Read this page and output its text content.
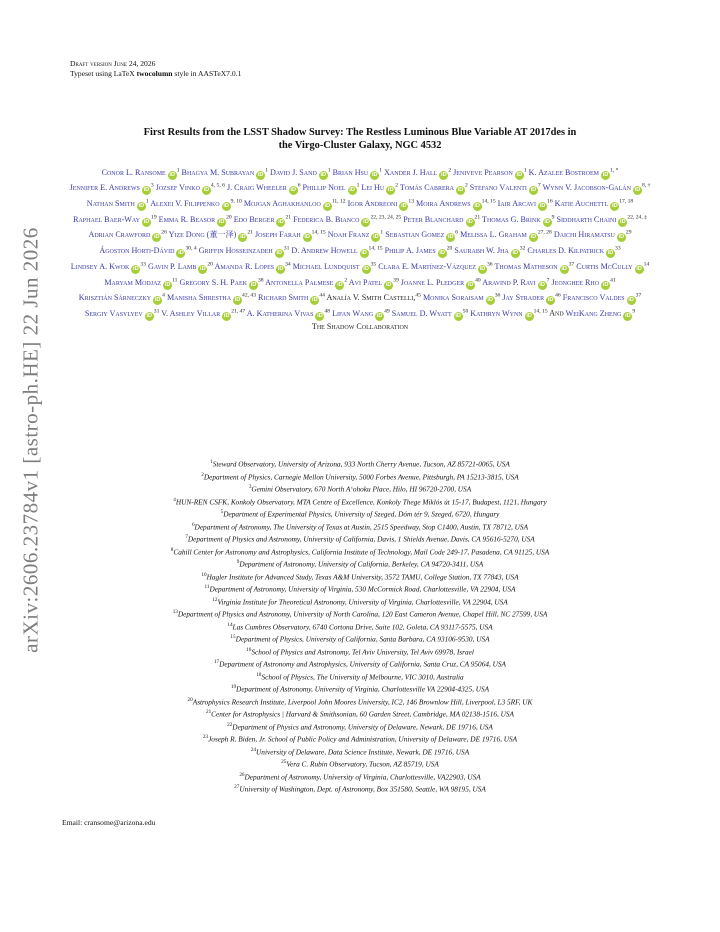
arXiv:2606.23784v1 [astro-ph.HE] 22 Jun 2026
Draft version June 24, 2026
Typeset using LaTeX twocolumn style in AASTeX7.0.1
First Results from the LSST Shadow Survey: The Restless Luminous Blue Variable AT 2017des in
the Virgo-Cluster Galaxy, NGC 4532
Conor L. Ransome $iD^1$ Bhagya M. Subrayan $iD^1$ David J. Sand $iD^1$ Brian Hsu $iD^1$ Xander J. Hall $iD^2$ Jeniveve Pearson $iD^1$ K. Azalee Bostroem $iD^{1, *}$ Jennifer E. Andrews $iD^3$ Jozsef Vinko iD$^{4, 5, 6}$ J. Craig Wheeler $iD^6$ Phillip Noel $iD^1$ Lei Hu $iD^2$ Tomás Cabrera $iD^2$ Stefano Valenti $iD^7$ Wynn V. Jacobson-Galán $iD^{8, \dagger}$ Nathan Smith $iD^1$ Alexei V. Filippenko iD$^{9, 10}$ Mojgan Aghakhanloo iD$^{11, 12}$ Igor Andreoni $iD^{13}$ Moira Andrews iD$^{14, 15}$ Iair Arcavi $iD^{16}$ Katie Auchettl iD$^{17, 18}$ Raphael Baer-Way $iD^{19}$ Emma R. Beasor $iD^{20}$ Edo Berger $iD^{21}$ Federica B. Bianco iD$^{22, 23, 24, 25}$ Peter Blanchard $iD^{21}$ Thomas G. Brink $iD^9$ Siddharth Chaini $iD^{22, 24, \ddagger}$ Adrian Crawford $iD^{26}$ Yize Dong (董一泽) $iD^{21}$ Joseph Farah iD$^{14, 15}$ Noah Franz $iD^1$ Sebastian Gomez $iD^6$ Melissa L. Graham iD$^{27, 28}$ Daichi Hiramatsu $iD^{29}$ Ágoston Horti-Dávid iD$^{30, 4}$ Griffin Hosseinzadeh $iD^{31}$ D. Andrew Howell iD$^{14, 15}$ Philip A. James $iD^{20}$ Saurabh W. Jha $iD^{32}$ Charles D. Kilpatrick $iD^{33}$ Lindsey A. Kwok $iD^{33}$ Gavin P. Lamb $iD^{20}$ Amanda R. Lopes $iD^{34}$ Michael Lundquist $iD^{35}$ Clara E. Martínez-Vázquez $iD^{36}$ Thomas Matheson $iD^{37}$ Curtis McCully $iD^{14}$ Maryam Modjaz $iD^{11}$ Gregory S. H. Paek $iD^{38}$ Antonella Palmese $iD^2$ Avi Patel $iD^{39}$ Joanne L. Pledger $iD^{40}$ Aravind P. Ravi $iD^7$ Jeonghee Rho $iD^{41}$ Krisztián Sárneczky $iD^4$ Manisha Shrestha iD$^{42, 43}$ Richard Smith $iD^{44}$ Analía V. Smith Castelli,$^{45}$ Monika Soraisam $iD^{36}$ Jay Strader $iD^{46}$ Francisco Valdes $iD^{37}$ Sergiy Vasylyev $iD^{31}$ V. Ashley Villar iD$^{21, 47}$ A. Katherina Vivas $iD^{48}$ Lifan Wang $iD^{49}$ Samuel D. Wyatt $iD^{50}$ Kathryn Wynn iD$^{14, 15}$ And WeiKang Zheng $iD^9$
The Shadow Collaboration
$^1$Steward Observatory, University of Arizona, 933 North Cherry Avenue, Tucson, AZ 85721-0065, USA
$^2$Department of Physics, Carnegie Mellon University, 5000 Forbes Avenue, Pittsburgh, PA 15213-3815, USA
$^3$Gemini Observatory, 670 North A‘ohoku Place, Hilo, HI 96720-2700, USA
$^4$HUN-REN CSFK, Konkoly Observatory, MTA Centre of Excellence, Konkoly Thege Miklós út 15-17, Budapest, 1121, Hungary
$^5$Department of Experimental Physics, University of Szeged, Dóm tér 9, Szeged, 6720, Hungary
$^6$Department of Astronomy, The University of Texas at Austin, 2515 Speedway, Stop C1400, Austin, TX 78712, USA
$^7$Department of Physics and Astronomy, University of California, Davis, 1 Shields Avenue, Davis, CA 95616-5270, USA
$^8$Cahill Center for Astronomy and Astrophysics, California Institute of Technology, Mail Code 249-17, Pasadena, CA 91125, USA
$^9$Department of Astronomy, University of California, Berkeley, CA 94720-3411, USA
$^{10}$Hagler Institute for Advanced Study, Texas A&M University, 3572 TAMU, College Station, TX 77843, USA
$^{11}$Department of Astronomy, University of Virginia, 530 McCormick Road, Charlottesville, VA 22904, USA
$^{12}$Virginia Institute for Theoretical Astronomy, University of Virginia, Charlottesville, VA 22904, USA
$^{13}$Department of Physics and Astronomy, University of North Carolina, 120 East Cameron Avenue, Chapel Hill, NC 27599, USA
$^{14}$Las Cumbres Observatory, 6740 Cortona Drive, Suite 102, Goleta, CA 93117-5575, USA
$^{15}$Department of Physics, University of California, Santa Barbara, CA 93106-9530, USA
$^{16}$School of Physics and Astronomy, Tel Aviv University, Tel Aviv 69978, Israel
$^{17}$Department of Astronomy and Astrophysics, University of California, Santa Cruz, CA 95064, USA
$^{18}$School of Physics, The University of Melbourne, VIC 3010, Australia
$^{19}$Department of Astronomy, University of Virginia, Charlottesville VA 22904-4325, USA
$^{20}$Astrophysics Research Institute, Liverpool John Moores University, IC2, 146 Brownlow Hill, Liverpool, L3 5RF, UK
$^{21}$Center for Astrophysics | Harvard & Smithsonian, 60 Garden Street, Cambridge, MA 02138-1516, USA
$^{22}$Department of Physics and Astronomy, University of Delaware, Newark, DE 19716, USA
$^{23}$Joseph R. Biden, Jr. School of Public Policy and Administration, University of Delaware, DE 19716, USA
$^{24}$University of Delaware, Data Science Institute, Newark, DE 19716, USA
$^{25}$Vera C. Rubin Observatory, Tucson, AZ 85719, USA
$^{26}$Department of Astronomy, University of Virginia, Charlottesville, VA22903, USA
$^{27}$University of Washington, Dept. of Astronomy, Box 351580, Seattle, WA 98195, USA
Email: cransome@arizona.edu
